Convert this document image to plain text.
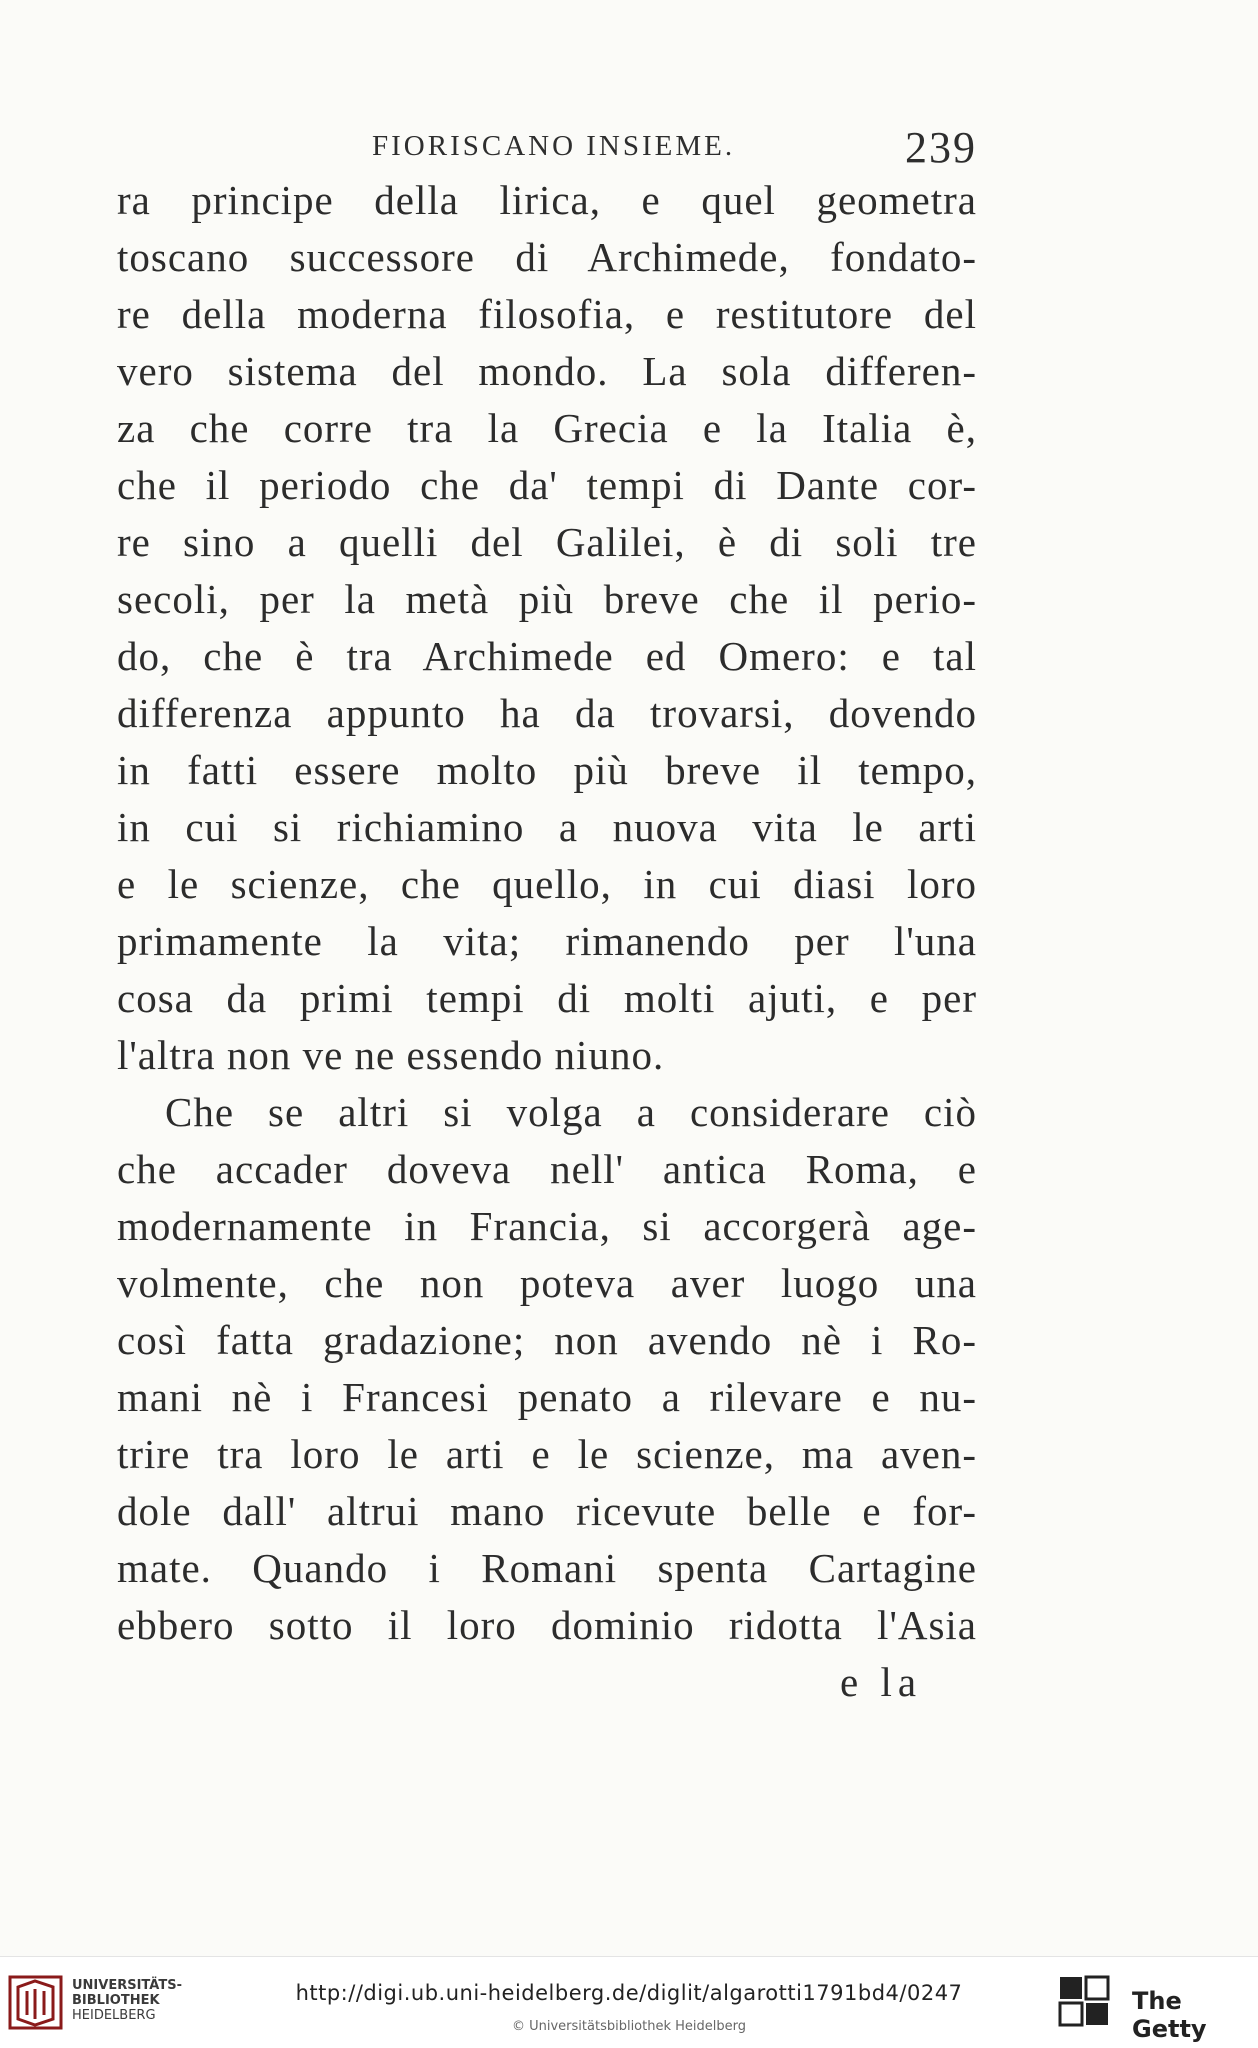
FIORISCANO INSIEME.	239
ra principe della lirica, e quel geometra
toscano successore di Archimede, fondato-
re della moderna filosofia, e restitutore del
vero sistema del mondo. La sola differen-
za che corre tra la Grecia e la Italia è,
che il periodo che da' tempi di Dante cor-
re sino a quelli del Galilei, è di soli tre
secoli, per la metà più breve che il perio-
do, che è tra Archimede ed Omero: e tal
differenza appunto ha da trovarsi, dovendo
in fatti essere molto più breve il tempo,
in cui si richiamino a nuova vita le arti
e le scienze, che quello, in cui diasi loro
primamente la vita; rimanendo per l'una
cosa da primi tempi di molti ajuti, e per
l'altra non ve ne essendo niuno.
Che se altri si volga a considerare ciò
che accader doveva nell' antica Roma, e
modernamente in Francia, si accorgerà age-
volmente, che non poteva aver luogo una
così fatta gradazione; non avendo nè i Ro-
mani nè i Francesi penato a rilevare e nu-
trire tra loro le arti e le scienze, ma aven-
dole dall' altrui mano ricevute belle e for-
mate. Quando i Romani spenta Cartagine
ebbero sotto il loro dominio ridotta l'Asia
e la
UNIVERSITÄTS-
BIBLIOTHEK
HEIDELBERG
http://digi.ub.uni-heidelberg.de/diglit/algarotti1791bd4/0247
© Universitätsbibliothek Heidelberg
The Getty
